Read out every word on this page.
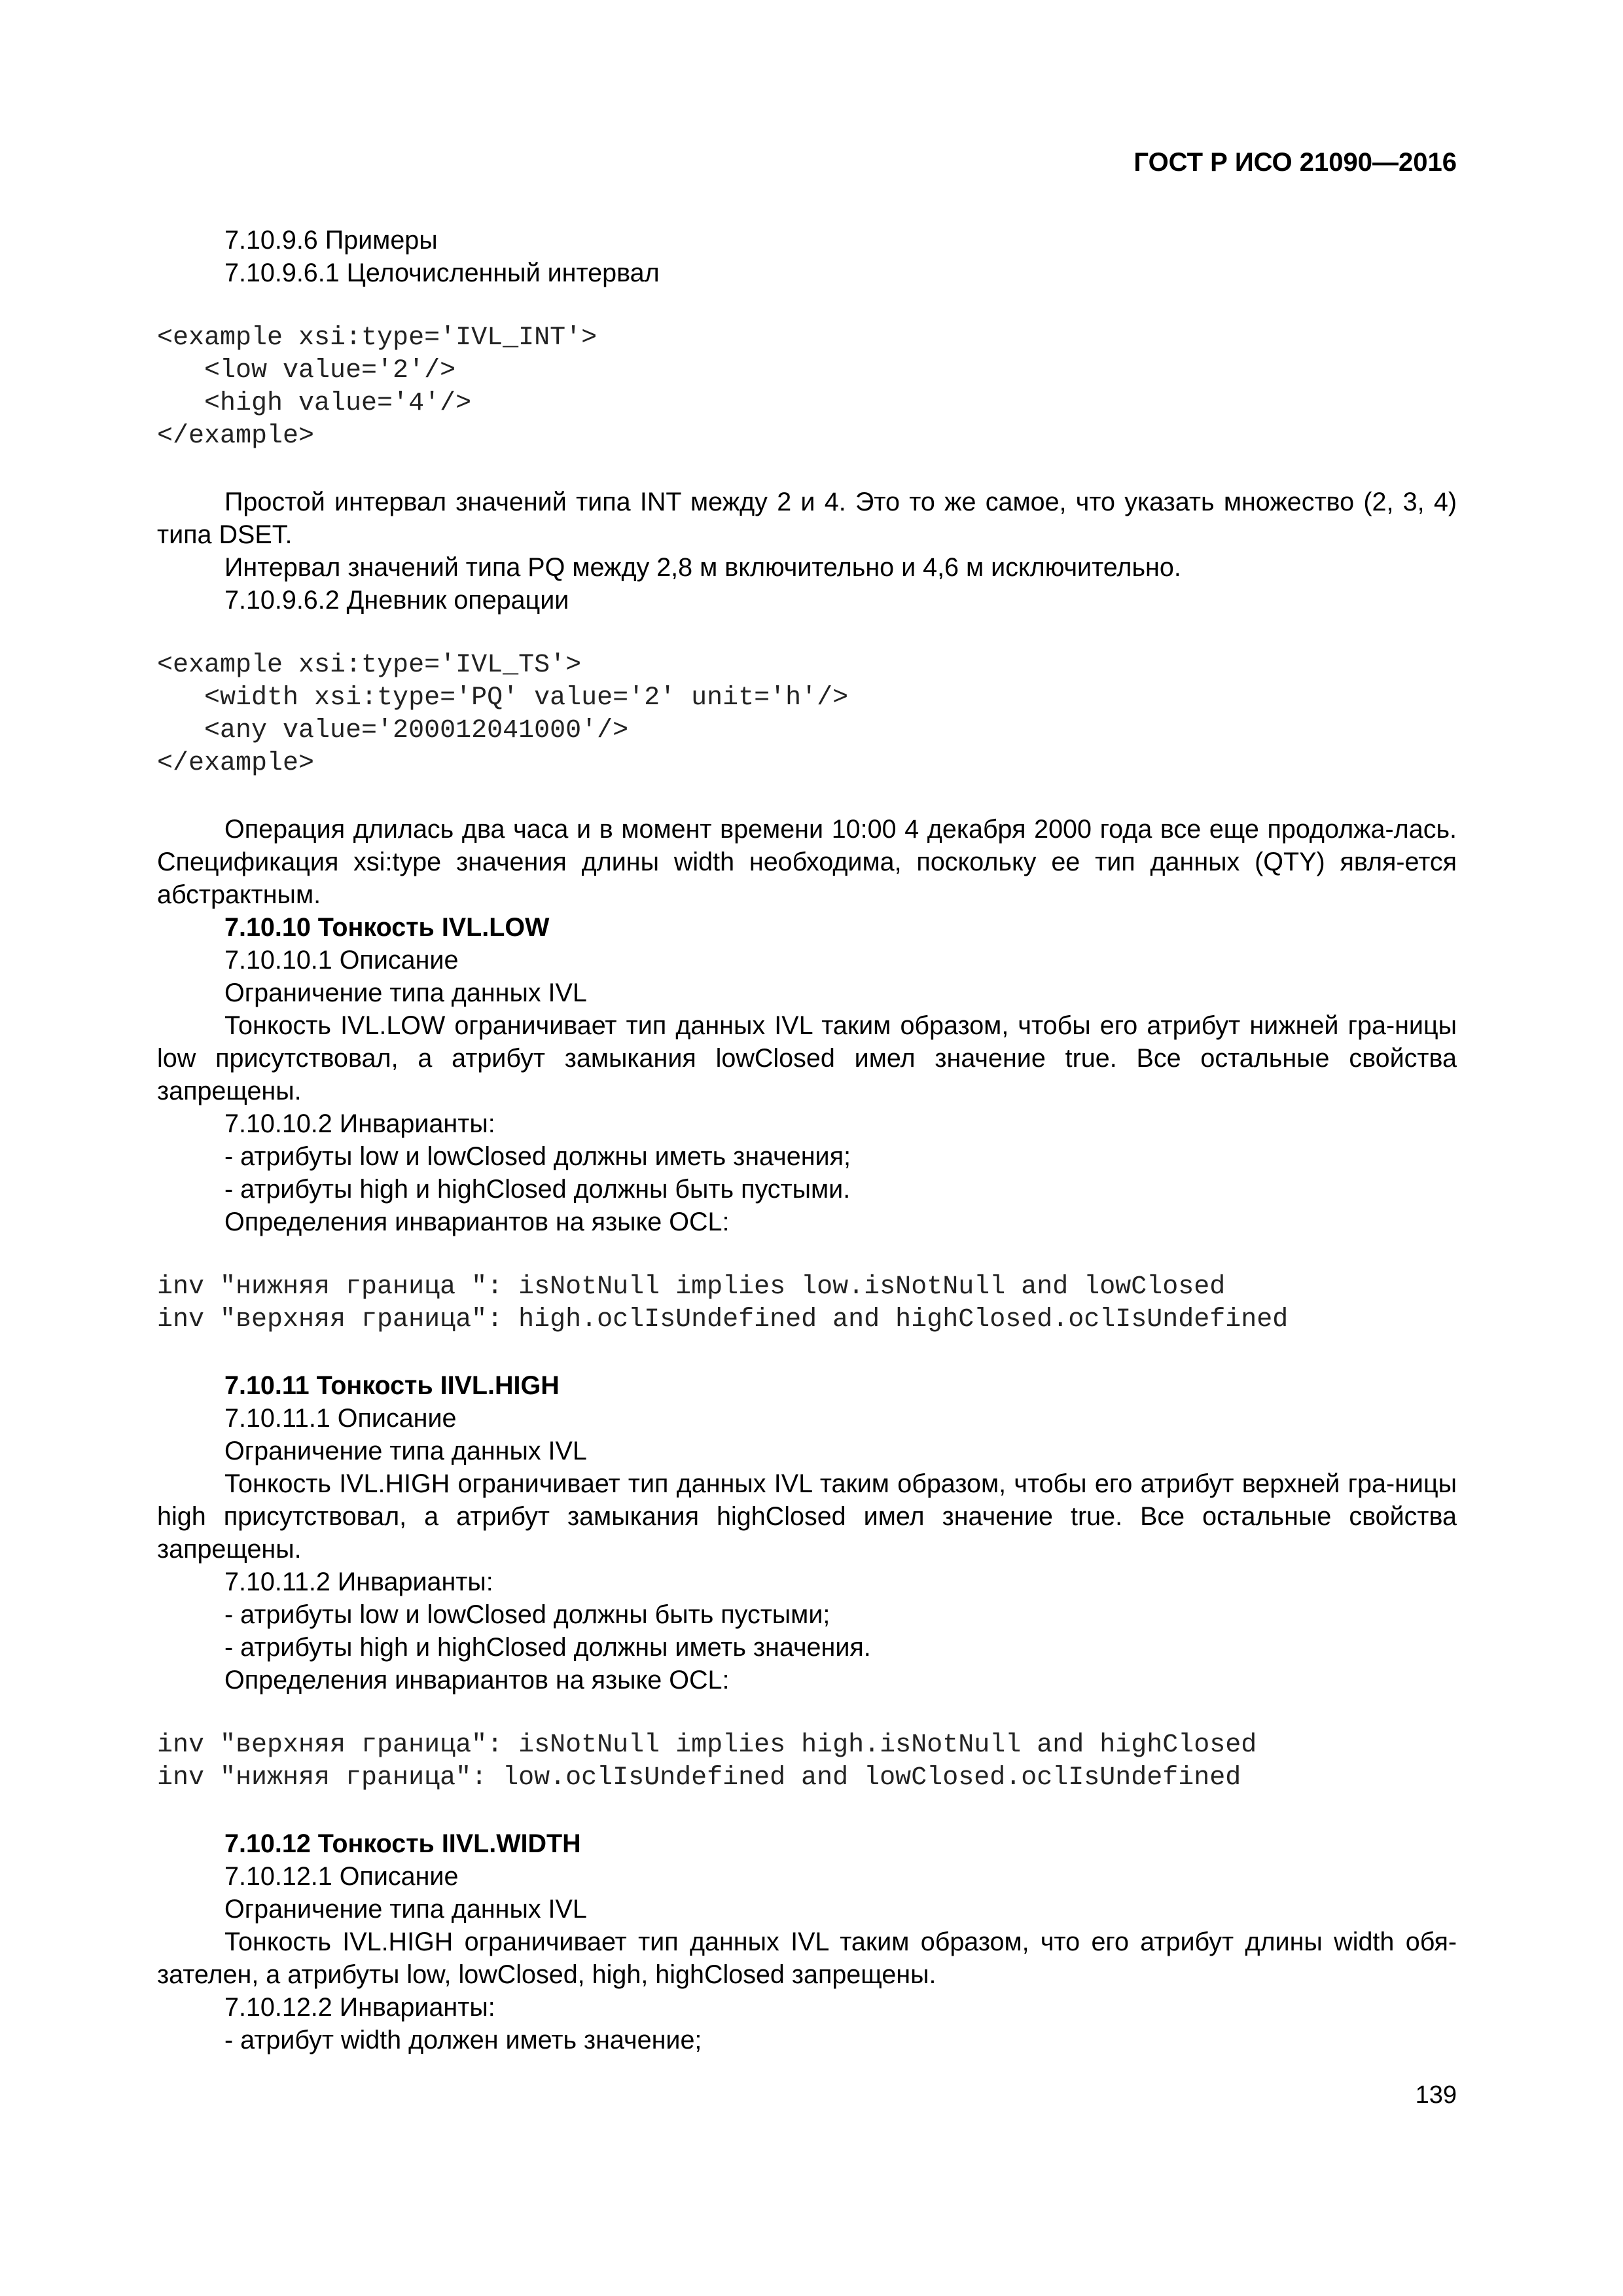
ГОСТ Р ИСО 21090—2016

7.10.9.6 Примеры

7.10.9.6.1 Целочисленный интервал

<example xsi:type='IVL_INT'>
<low value='2'/>
<high value='4'/>
</example>

Простой интервал значений типа INT между 2 и 4. Это то же самое, что указать множество (2, 3, 4) типа DSET.

Интервал значений типа PQ между 2,8 м включительно и 4,6 м исключительно.

7.10.9.6.2 Дневник операции

<example xsi:type='IVL_TS'>
<width xsi:type='PQ' value='2' unit='h'/>
<any value='200012041000'/>
</example>

Операция длилась два часа и в момент времени 10:00 4 декабря 2000 года все еще продолжа-лась. Спецификация xsi:type значения длины width необходима, поскольку ее тип данных (QTY) явля-ется абстрактным.

7.10.10 Тонкость IVL.LOW

7.10.10.1 Описание

Ограничение типа данных IVL

Тонкость IVL.LOW ограничивает тип данных IVL таким образом, чтобы его атрибут нижней гра-ницы low присутствовал, а атрибут замыкания lowClosed имел значение true. Все остальные свойства запрещены.

7.10.10.2 Инварианты:

- атрибуты low и lowClosed должны иметь значения;

- атрибуты high и highClosed должны быть пустыми.

Определения инвариантов на языке OCL:

inv "нижняя граница ": isNotNull implies low.isNotNull and lowClosed
inv "верхняя граница": high.oclIsUndefined and highClosed.oclIsUndefined

7.10.11 Тонкость IIVL.HIGH

7.10.11.1 Описание

Ограничение типа данных IVL

Тонкость IVL.HIGH ограничивает тип данных IVL таким образом, чтобы его атрибут верхней гра-ницы high присутствовал, а атрибут замыкания highClosed имел значение true. Все остальные свойства запрещены.

7.10.11.2 Инварианты:

- атрибуты low и lowClosed должны быть пустыми;

- атрибуты high и highClosed должны иметь значения.

Определения инвариантов на языке OCL:

inv "верхняя граница": isNotNull implies high.isNotNull and highClosed
inv "нижняя граница": low.oclIsUndefined and lowClosed.oclIsUndefined

7.10.12 Тонкость IIVL.WIDTH

7.10.12.1 Описание

Ограничение типа данных IVL

Тонкость IVL.HIGH ограничивает тип данных IVL таким образом, что его атрибут длины width обя-зателен, а атрибуты low, lowClosed, high, highClosed запрещены.

7.10.12.2 Инварианты:

- атрибут width должен иметь значение;

139
